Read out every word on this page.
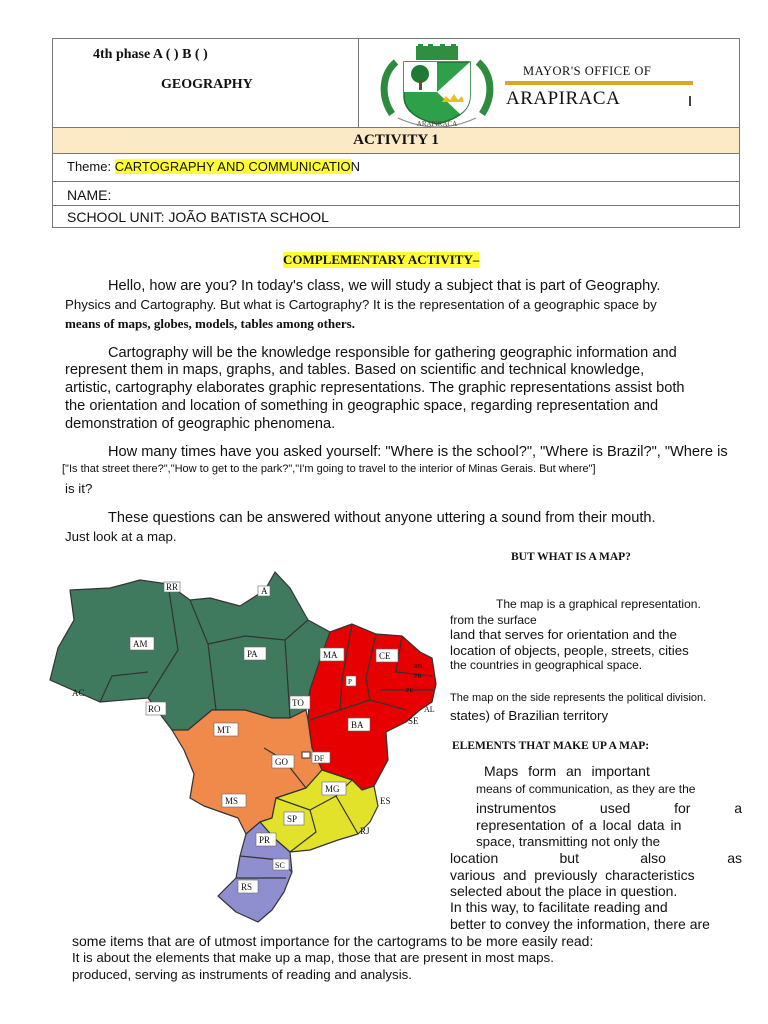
4th phase A ( ) B ( )
GEOGRAPHY
ACTIVITY 1
Theme: CARTOGRAPHY AND COMMUNICATION
NAME:
SCHOOL UNIT: JOÃO BATISTA SCHOOL
ARAPIRACA
MAYOR'S OFFICE OF
ARAPIRACA
COMPLEMENTARY ACTIVITY–
Hello, how are you? In today's class, we will study a subject that is part of Geography.
Physics and Cartography. But what is Cartography? It is the representation of a geographic space by
means of maps, globes, models, tables among others.
Cartography will be the knowledge responsible for gathering geographic information and
represent them in maps, graphs, and tables. Based on scientific and technical knowledge,
artistic, cartography elaborates graphic representations. The graphic representations assist both
the orientation and location of something in geographic space, regarding representation and
demonstration of geographic phenomena.
How many times have you asked yourself: "Where is the school?", "Where is Brazil?", "Where is
["Is that street there?","How to get to the park?","I'm going to travel to the interior of Minas Gerais. But where"]
is it?
These questions can be answered without anyone uttering a sound from their mouth.
Just look at a map.
BUT WHAT IS A MAP?
The map is a graphical representation.
from the surface
land that serves for orientation and the
location of objects, people, streets, cities
the countries in geographical space.
The map on the side represents the political division.
states) of Brazilian territory
ELEMENTS THAT MAKE UP A MAP:
Maps form an important
means of communication, as they are the
instrumentos used for a
representation of a local data in
space, transmitting not only the
location but also as
various and previously characteristics
selected about the place in question.
In this way, to facilitate reading and
better to convey the information, there are
some items that are of utmost importance for the cartograms to be more easily read:
It is about the elements that make up a map, those that are present in most maps.
produced, serving as instruments of reading and analysis.
RR	A
AM
PA
AC
RO
TO
MA
P
CE
RN
PB
PE
AL
SE
BA
MT
GO	DF
MS
MG
ES
RJ
SP
PR
SC
RS
